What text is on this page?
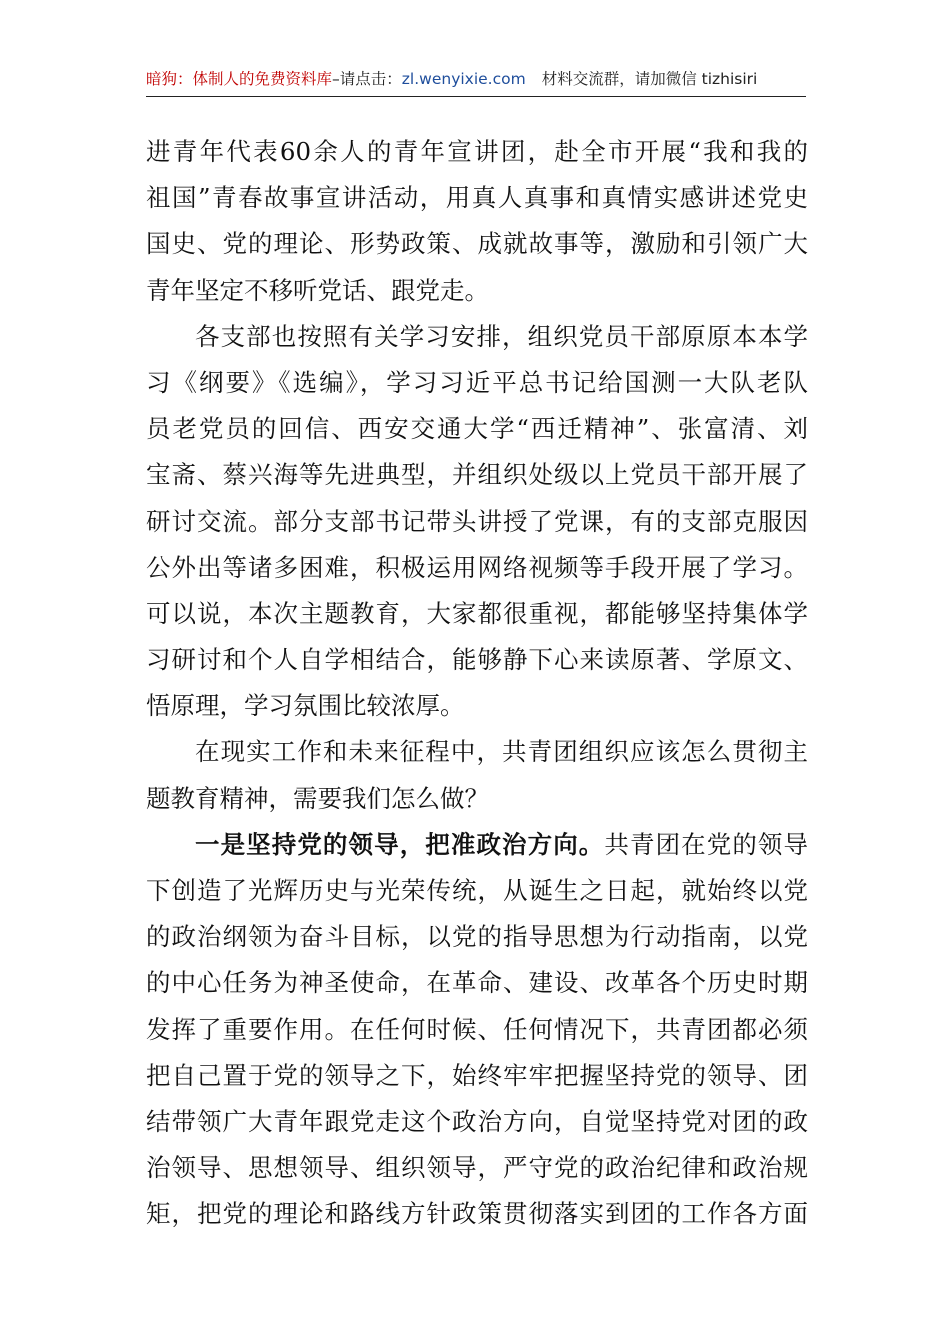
暗狗：体制人的免费资料库–请点击：zl.wenyixie.com 材料交流群，请加微信 tizhisiri
进青年代表60余人的青年宣讲团，赴全市开展“我和我的
祖国”青春故事宣讲活动，用真人真事和真情实感讲述党史
国史、党的理论、形势政策、成就故事等，激励和引领广大
青年坚定不移听党话、跟党走。
各支部也按照有关学习安排，组织党员干部原原本本学
习《纲要》《选编》，学习习近平总书记给国测一大队老队
员老党员的回信、西安交通大学“西迁精神”、张富清、刘
宝斋、蔡兴海等先进典型，并组织处级以上党员干部开展了
研讨交流。部分支部书记带头讲授了党课，有的支部克服因
公外出等诸多困难，积极运用网络视频等手段开展了学习。
可以说，本次主题教育，大家都很重视，都能够坚持集体学
习研讨和个人自学相结合，能够静下心来读原著、学原文、
悟原理，学习氛围比较浓厚。
在现实工作和未来征程中，共青团组织应该怎么贯彻主
题教育精神，需要我们怎么做？
一是坚持党的领导，把准政治方向。共青团在党的领导
下创造了光辉历史与光荣传统，从诞生之日起，就始终以党
的政治纲领为奋斗目标，以党的指导思想为行动指南，以党
的中心任务为神圣使命，在革命、建设、改革各个历史时期
发挥了重要作用。在任何时候、任何情况下，共青团都必须
把自己置于党的领导之下，始终牢牢把握坚持党的领导、团
结带领广大青年跟党走这个政治方向，自觉坚持党对团的政
治领导、思想领导、组织领导，严守党的政治纪律和政治规
矩，把党的理论和路线方针政策贯彻落实到团的工作各方面
